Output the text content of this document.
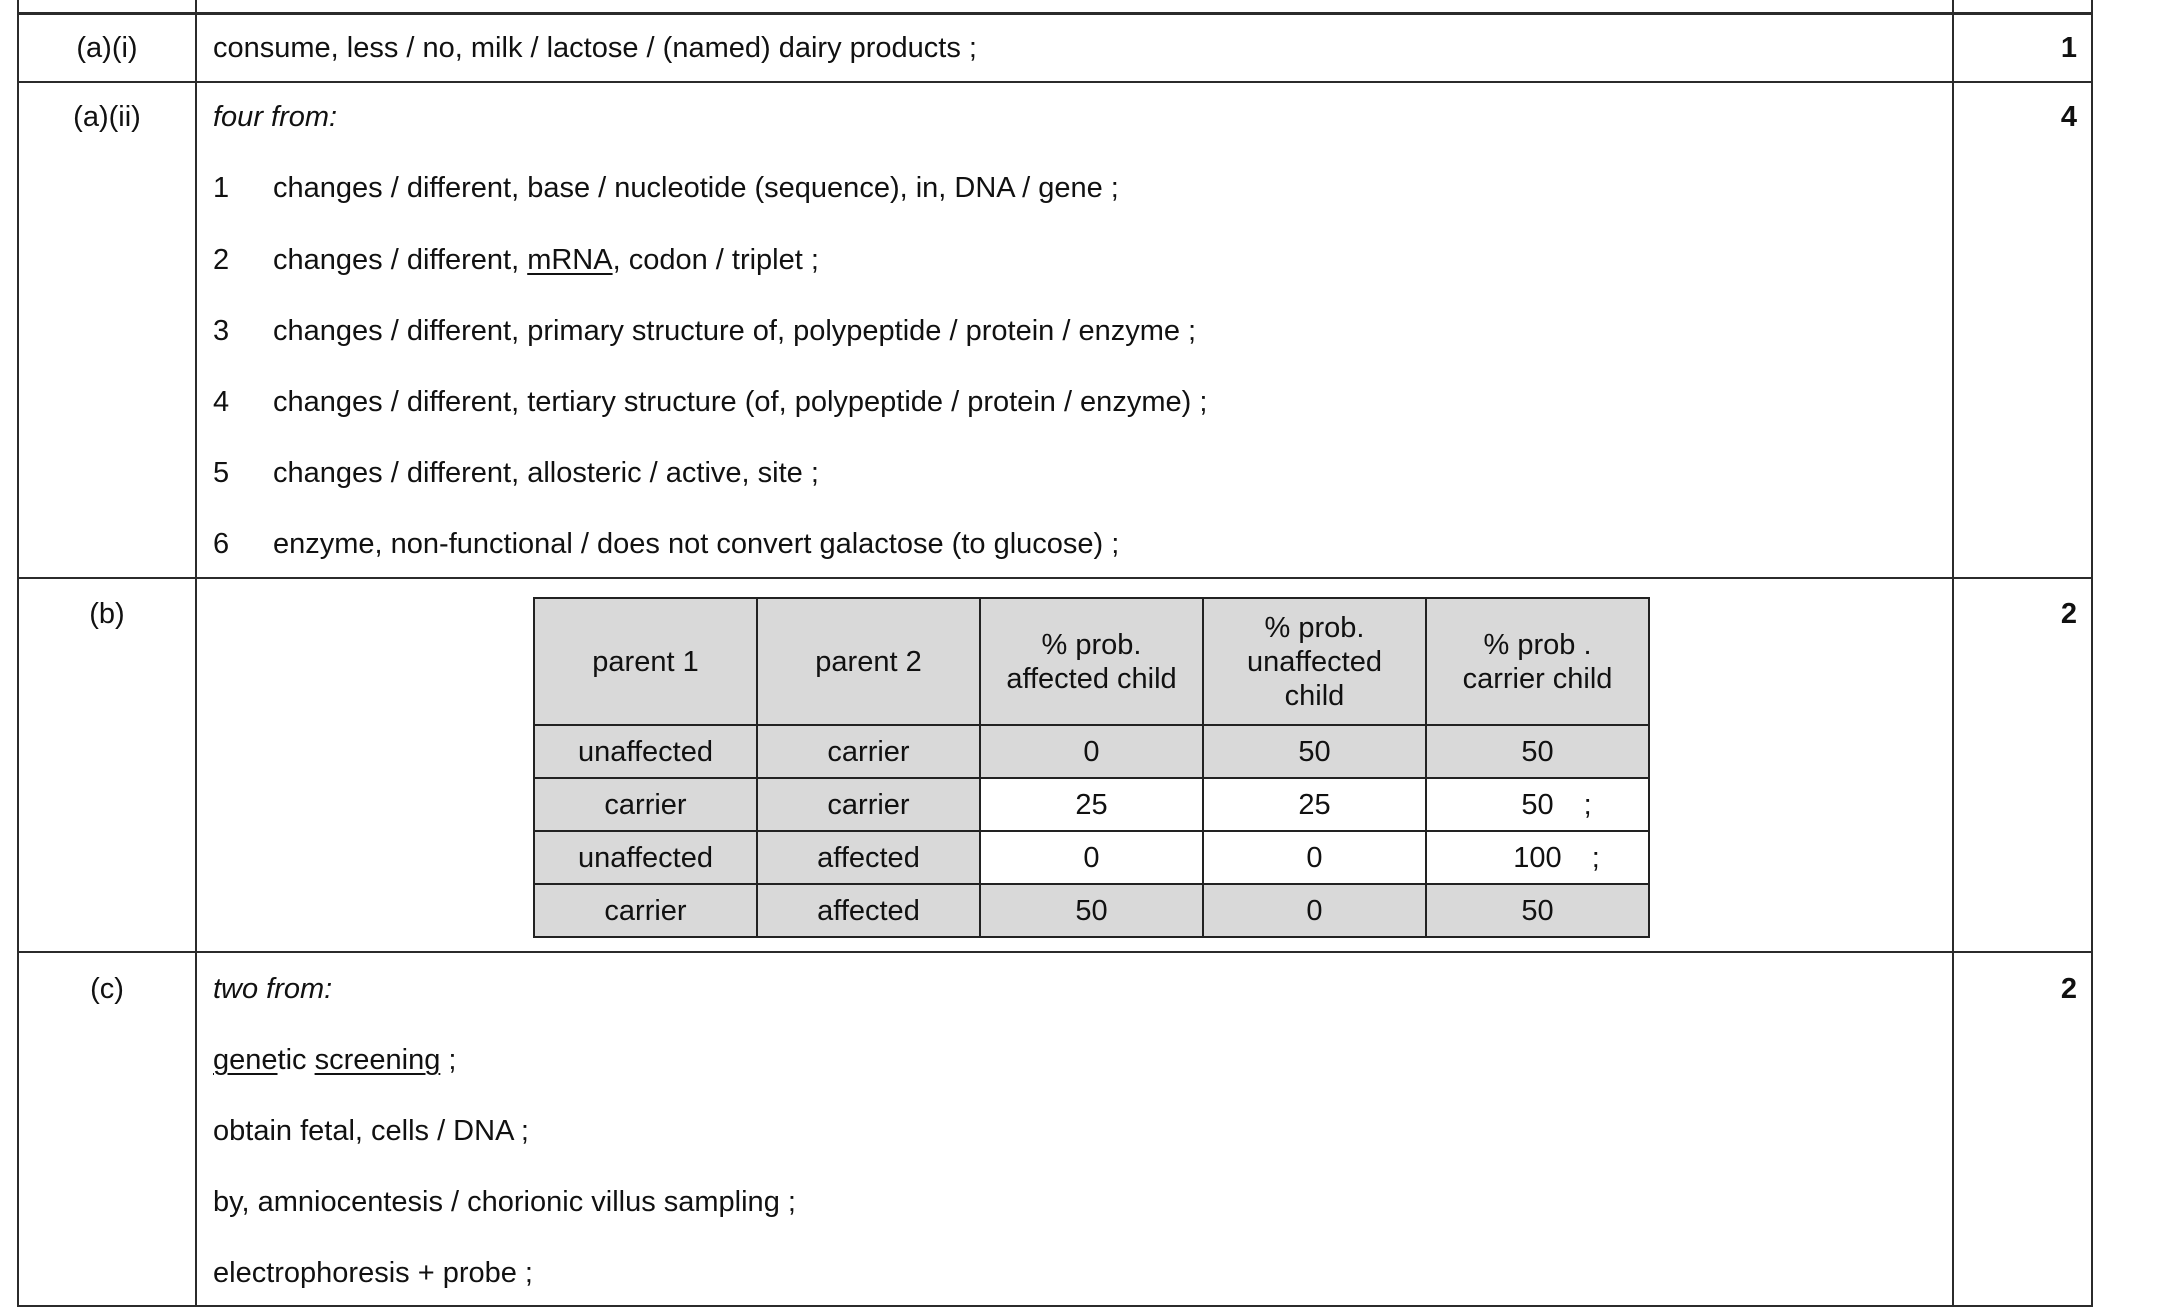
(a)(i)	consume, less / no, milk / lactose / (named) dairy products ;	1
(a)(ii)	four from:	4
1 changes / different, base / nucleotide (sequence), in, DNA / gene ;
2 changes / different, mRNA, codon / triplet ;
3 changes / different, primary structure of, polypeptide / protein / enzyme ;
4 changes / different, tertiary structure (of, polypeptide / protein / enzyme) ;
5 changes / different, allosteric / active, site ;
6 enzyme, non-functional / does not convert galactose (to glucose) ;
(b)	2
parent 1	parent 2	% prob. affected child	% prob. unaffected child	% prob . carrier child
unaffected	carrier	0	50	50
carrier	carrier	25	25	50 ;
unaffected	affected	0	0	100 ;
carrier	affected	50	0	50
(c)	two from:	2
genetic screening ;
obtain fetal, cells / DNA ;
by, amniocentesis / chorionic villus sampling ;
electrophoresis + probe ;
